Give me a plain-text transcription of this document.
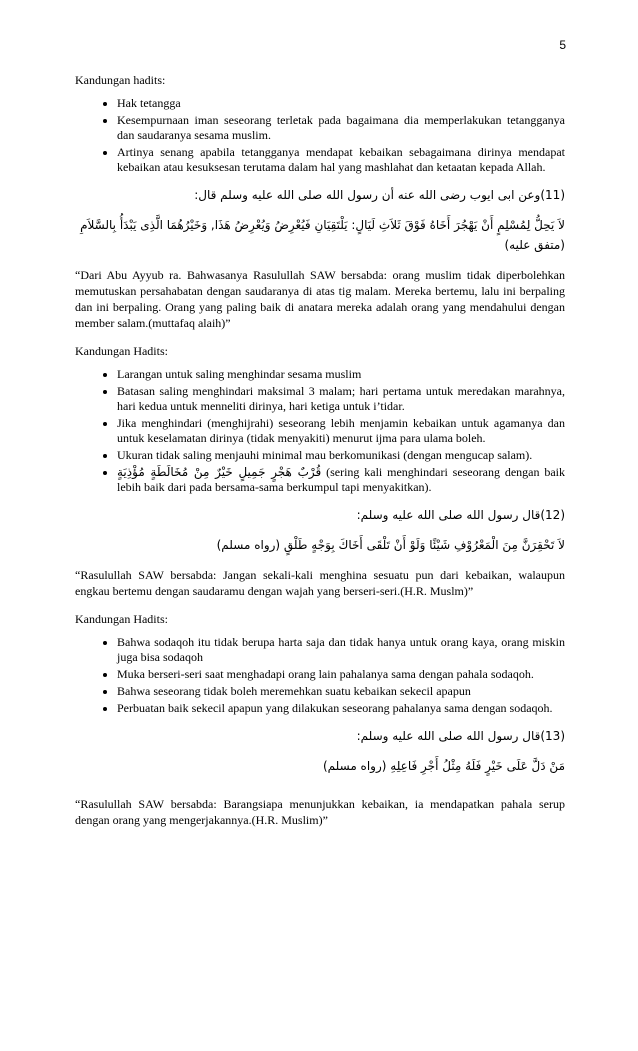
5

Kandungan hadits:

• Hak tetangga
• Kesempurnaan iman seseorang terletak pada bagaimana dia memperlakukan tetangganya dan saudaranya sesama muslim.
• Artinya senang apabila tetangganya mendapat kebaikan sebagaimana dirinya mendapat kebaikan atau kesuksesan terutama dalam hal yang mashlahat dan ketaatan kepada Allah.

(11)وعن ابى ايوب رضى الله عنه أن رسول الله صلى الله عليه وسلم قال:

لاَ يَحِلُّ لِمُسْلِمٍ أَنْ يَهْجُرَ أَخَاهُ فَوْقَ ثَلاَثِ لَيَالٍ: يَلْتَقِيَانِ فَيُعْرِضُ وَيُعْرِضُ هَذَا, وَخَيْرُهُمَا الَّذِى يَبْدَأُ بِالسَّلاَمِ (متفق عليه)

“Dari Abu Ayyub ra. Bahwasanya Rasulullah SAW bersabda: orang muslim tidak diperbolehkan memutuskan persahabatan dengan saudaranya di atas tig malam. Mereka bertemu, lalu ini berpaling dan ini berpaling. Orang yang paling baik di anatara mereka adalah orang yang mendahului dengan member salam.(muttafaq alaih)”

Kandungan Hadits:

• Larangan untuk saling menghindar sesama muslim
• Batasan saling menghindari maksimal 3 malam; hari pertama untuk meredakan marahnya, hari kedua untuk menneliti dirinya, hari ketiga untuk i’tidar.
• Jika menghindari (menghijrahi) seseorang lebih menjamin kebaikan untuk agamanya dan untuk keselamatan dirinya (tidak menyakiti) menurut ijma para ulama boleh.
• Ukuran tidak saling menjauhi minimal mau berkomunikasi (dengan mengucap salam).
• قُرْبٌ هَجْرٍ جَمِيلٍ خَيْرٌ مِنْ مُخَالَطَةٍ مُؤْذِيَةٍ (sering kali menghindari seseorang dengan baik lebih baik dari pada bersama-sama berkumpul tapi menyakitkan).

(12)قال رسول الله صلى الله عليه وسلم:

لاَ تَحْقِرَنَّ مِنَ الْمَعْرُوْفِ شَيْئًا وَلَوْ أَنْ تَلْقَى أَخَاكَ بِوَجْهٍ طَلْقٍ (رواه مسلم)

“Rasulullah SAW bersabda: Jangan sekali-kali menghina sesuatu pun dari kebaikan, walaupun engkau bertemu dengan saudaramu dengan wajah yang berseri-seri.(H.R. Muslm)”

Kandungan Hadits:

• Bahwa sodaqoh itu tidak berupa harta saja dan tidak hanya untuk orang kaya, orang miskin juga bisa sodaqoh
• Muka berseri-seri saat menghadapi orang lain pahalanya sama dengan pahala sodaqoh.
• Bahwa seseorang tidak boleh meremehkan suatu kebaikan sekecil apapun
• Perbuatan baik sekecil apapun yang dilakukan seseorang pahalanya sama dengan sodaqoh.

(13)قال رسول الله صلى الله عليه وسلم:

مَنْ دَلَّ عَلَى خَيْرٍ فَلَهُ مِثْلُ أَجْرِ فَاعِلِهِ (رواه مسلم)

“Rasulullah SAW bersabda: Barangsiapa menunjukkan kebaikan, ia mendapatkan pahala serup dengan orang yang mengerjakannya.(H.R. Muslim)”
